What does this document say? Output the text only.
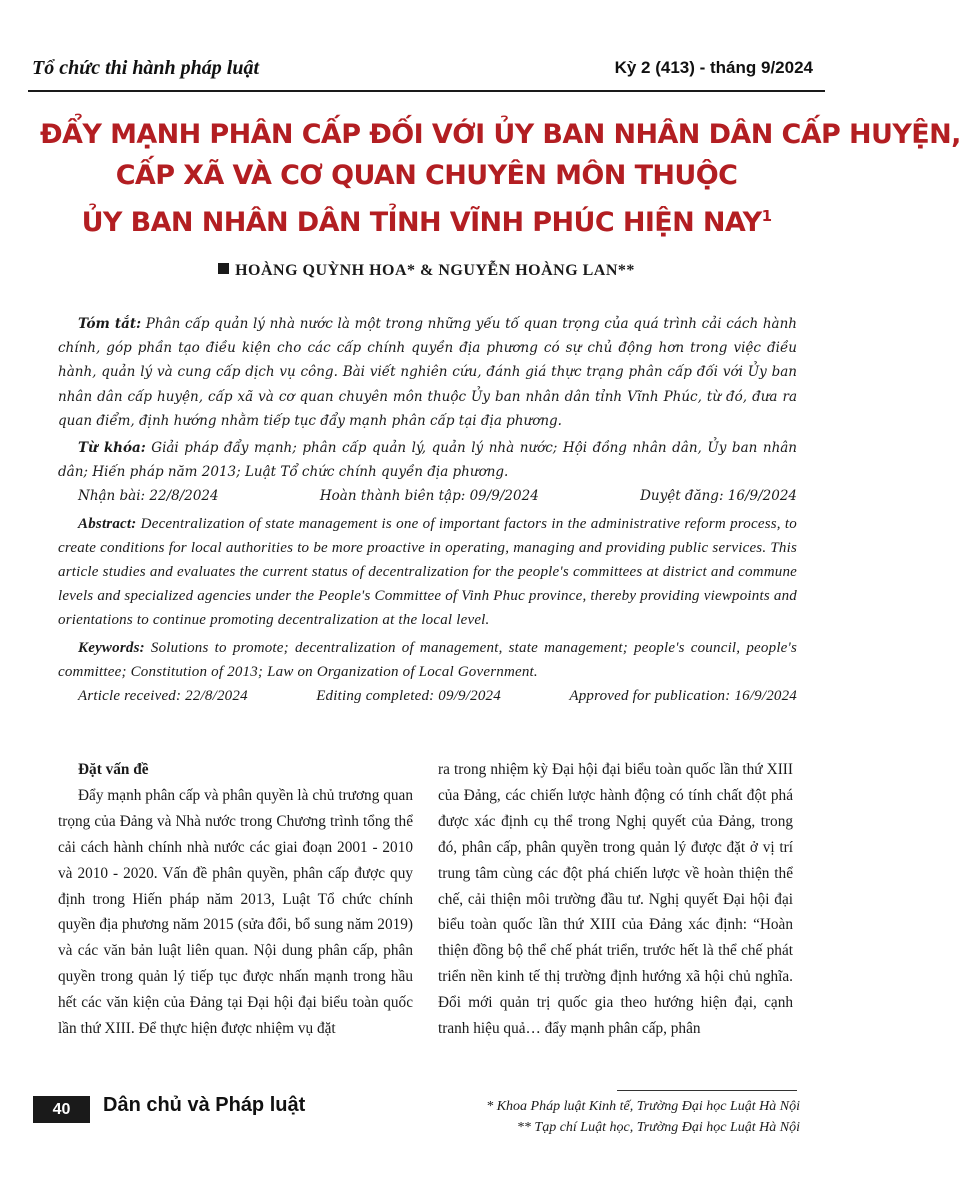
Tổ chức thi hành pháp luật	Kỳ 2 (413) - tháng 9/2024
ĐẨY MẠNH PHÂN CẤP ĐỐI VỚI ỦY BAN NHÂN DÂN CẤP HUYỆN,
CẤP XÃ VÀ CƠ QUAN CHUYÊN MÔN THUỘC
ỦY BAN NHÂN DÂN TỈNH VĨNH PHÚC HIỆN NAY$^1$
HOÀNG QUỲNH HOA* & NGUYỄN HOÀNG LAN**

Tóm tắt: Phân cấp quản lý nhà nước là một trong những yếu tố quan trọng của quá trình cải cách hành chính, góp phần tạo điều kiện cho các cấp chính quyền địa phương có sự chủ động hơn trong việc điều hành, quản lý và cung cấp dịch vụ công. Bài viết nghiên cứu, đánh giá thực trạng phân cấp đối với Ủy ban nhân dân cấp huyện, cấp xã và cơ quan chuyên môn thuộc Ủy ban nhân dân tỉnh Vĩnh Phúc, từ đó, đưa ra quan điểm, định hướng nhằm tiếp tục đẩy mạnh phân cấp tại địa phương.

Từ khóa: Giải pháp đẩy mạnh; phân cấp quản lý, quản lý nhà nước; Hội đồng nhân dân, Ủy ban nhân dân; Hiến pháp năm 2013; Luật Tổ chức chính quyền địa phương.

Nhận bài: 22/8/2024	Hoàn thành biên tập: 09/9/2024	Duyệt đăng: 16/9/2024

Abstract: Decentralization of state management is one of important factors in the administrative reform process, to create conditions for local authorities to be more proactive in operating, managing and providing public services. This article studies and evaluates the current status of decentralization for the people's committees at district and commune levels and specialized agencies under the People's Committee of Vinh Phuc province, thereby providing viewpoints and orientations to continue promoting decentralization at the local level.

Keywords: Solutions to promote; decentralization of management, state management; people's council, people's committee; Constitution of 2013; Law on Organization of Local Government.

Article received: 22/8/2024	Editing completed: 09/9/2024	Approved for publication: 16/9/2024

Đặt vấn đề

Đẩy mạnh phân cấp và phân quyền là chủ trương quan trọng của Đảng và Nhà nước trong Chương trình tổng thể cải cách hành chính nhà nước các giai đoạn 2001 - 2010 và 2010 - 2020. Vấn đề phân quyền, phân cấp được quy định trong Hiến pháp năm 2013, Luật Tổ chức chính quyền địa phương năm 2015 (sửa đổi, bổ sung năm 2019) và các văn bản luật liên quan. Nội dung phân cấp, phân quyền trong quản lý tiếp tục được nhấn mạnh trong hầu hết các văn kiện của Đảng tại Đại hội đại biểu toàn quốc lần thứ XIII. Để thực hiện được nhiệm vụ đặt

ra trong nhiệm kỳ Đại hội đại biểu toàn quốc lần thứ XIII của Đảng, các chiến lược hành động có tính chất đột phá được xác định cụ thể trong Nghị quyết của Đảng, trong đó, phân cấp, phân quyền trong quản lý được đặt ở vị trí trung tâm cùng các đột phá chiến lược về hoàn thiện thể chế, cải thiện môi trường đầu tư. Nghị quyết Đại hội đại biểu toàn quốc lần thứ XIII của Đảng xác định: “Hoàn thiện đồng bộ thể chế phát triển, trước hết là thể chế phát triển nền kinh tế thị trường định hướng xã hội chủ nghĩa. Đổi mới quản trị quốc gia theo hướng hiện đại, cạnh tranh hiệu quả… đẩy mạnh phân cấp, phân

* Khoa Pháp luật Kinh tế, Trường Đại học Luật Hà Nội
** Tạp chí Luật học, Trường Đại học Luật Hà Nội
40	Dân chủ và Pháp luật
